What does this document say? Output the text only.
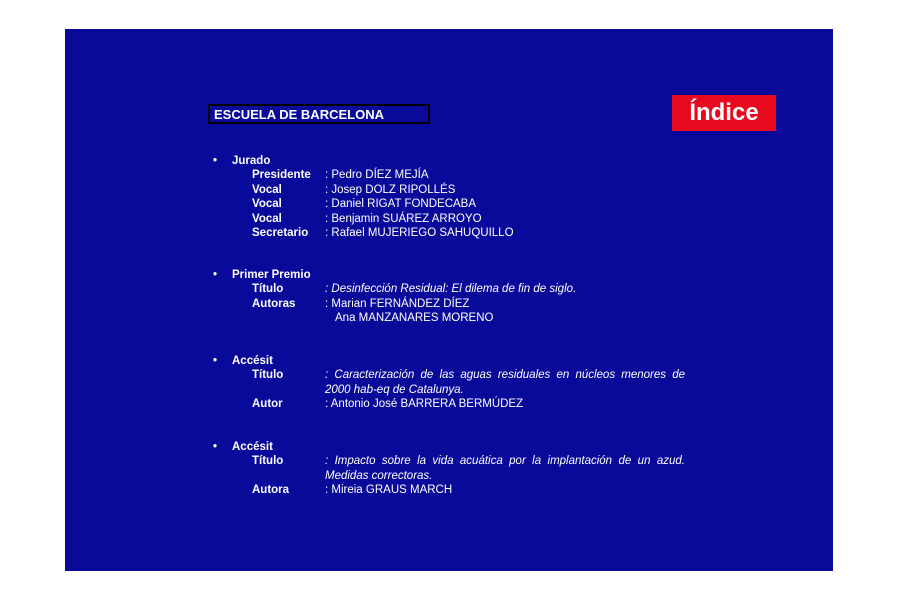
ESCUELA DE BARCELONA	Índice
• Jurado
Presidente : Pedro DÍEZ MEJÍA
Vocal	: Josep DOLZ RIPOLLÉS
Vocal	: Daniel RIGAT FONDECABA
Vocal	: Benjamin SUÁREZ ARROYO
Secretario : Rafael MUJERIEGO SAHUQUILLO
• Primer Premio
Título	: Desinfección Residual: El dilema de fin de siglo.
Autoras	: Marian FERNÁNDEZ DÍEZ
Ana MANZANARES MORENO
• Accésit
Título	: Caracterización de las aguas residuales en núcleos menores de 2000 hab-eq de Catalunya.
Autor	: Antonio José BARRERA BERMÚDEZ
• Accésit
Título	: Impacto sobre la vida acuática por la implantación de un azud. Medidas correctoras.
Autora	: Mireia GRAUS MARCH
